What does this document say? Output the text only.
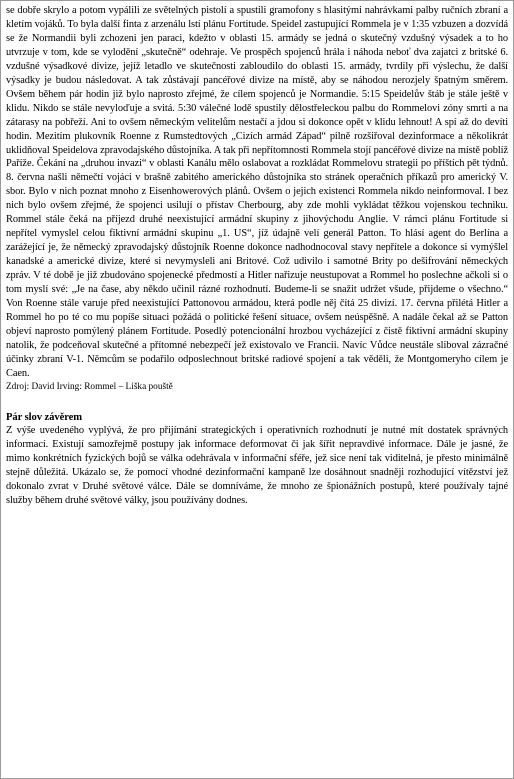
se dobře skrylo a potom vypálili ze světelných pistolí a spustili gramofony s hlasitými nahrávkami palby ručních zbraní a kletím vojáků. To byla další finta z arzenálu lstí plánu Fortitude. Speidel zastupující Rommela je v 1:35 vzbuzen a dozvídá se že Normandii byli zchozeni jen paraci, kdežto v oblasti 15. armády se jedná o skutečný vzdušný výsadek a to ho utvrzuje v tom, kde se vylodění „skutečně“ odehraje. Ve prospěch spojenců hrála i náhoda neboť dva zajatci z britské 6. vzdušné výsadkové divize, jejíž letadlo ve skutečnosti zabloudilo do oblasti 15. armády, tvrdily při výslechu, že další výsadky je budou následovat. A tak zůstávají pancéřové divize na místě, aby se náhodou nerozjely špatným směrem. Ovšem během pár hodin již bylo naprosto zřejmé, že cílem spojenců je Normandie. 5:15 Speidelův štáb je stále ještě v klidu. Nikdo se stále nevyloďuje a svitá. 5:30 válečné lodě spustily dělostřeleckou palbu do Rommelovi zóny smrti a na zátarasy na pobřeží. Ani to ovšem německým velitelům nestačí a jdou si dokonce opět v klidu lehnout! A spí až do devíti hodin. Mezitím plukovník Roenne z Rumstedtových „Cizích armád Západ“ pilně rozšiřoval dezinformace a několikrát uklidňoval Speidelova zpravodajského důstojníka. A tak při nepřítomnosti Rommela stojí pancéřové divize na místě poblíž Paříže. Čekání na „druhou invazi“ v oblasti Kanálu mělo oslabovat a rozkládat Rommelovu strategii po příštích pět týdnů. 8. června našli němečtí vojáci v brašně zabitého amerického důstojníka sto stránek operačních příkazů pro americký V. sbor. Bylo v nich poznat mnoho z Eisenhowerových plánů. Ovšem o jejich existenci Rommela nikdo neinformoval. I bez nich bylo ovšem zřejmé, že spojenci usilují o přístav Cherbourg, aby zde mohli vykládat těžkou vojenskou techniku. Rommel stále čeká na příjezd druhé neexistující armádní skupiny z jihovýchodu Anglie. V rámci plánu Fortitude si nepřítel vymyslel celou fiktivní armádní skupinu „1. US“, jíž údajně velí generál Patton. To hlásí agent do Berlína a zarážející je, že německý zpravodajský důstojník Roenne dokonce nadhodnocoval stavy nepřítele a dokonce si vymýšlel kanadské a americké divize, které si nevymysleli ani Britové. Což udivilo i samotné Brity po dešifrování německých zpráv. V té době je již zbudováno spojenecké předmostí a Hitler nařizuje neustupovat a Rommel ho poslechne ačkoli si o tom myslí své: „Je na čase, aby někdo učinil rázné rozhodnutí. Budeme-li se snažit udržet všude, přijdeme o všechno.“ Von Roenne stále varuje před neexistující Pattonovou armádou, která podle něj čítá 25 divizí. 17. června přilétá Hitler a Rommel ho po té co mu popíše situaci požádá o politické řešení situace, ovšem neúspěšně. A nadále čekal až se Patton objeví naprosto pomýlený plánem Fortitude. Posedlý potencionální hrozbou vycházející z čistě fiktivní armádní skupiny natolik, že podceňoval skutečné a přítomné nebezpečí jež existovalo ve Francii. Navíc Vůdce neustále sliboval zázračné účinky zbraní V-1. Němcům se podařilo odposlechnout britské radiové spojení a tak věděli, že Montgomeryho cílem je Caen.

Zdroj: David Irving: Rommel – Liška pouště

Pár slov závěrem

Z výše uvedeného vyplývá, že pro přijímání strategických i operativních rozhodnutí je nutné mít dostatek správných informací. Existují samozřejmě postupy jak informace deformovat či jak šířit nepravdivé informace. Dále je jasné, že mimo konkrétních fyzických bojů se válka odehrávala v informační sféře, jež sice není tak viditelná, je přesto minimálně stejně důležitá. Ukázalo se, že pomocí vhodné dezinformační kampaně lze dosáhnout snadněji rozhodující vítězství jež dokonalo zvrat v Druhé světové válce. Dále se domníváme, že mnoho ze špionážních postupů, které používaly tajné služby během druhé světové války, jsou používány dodnes.
